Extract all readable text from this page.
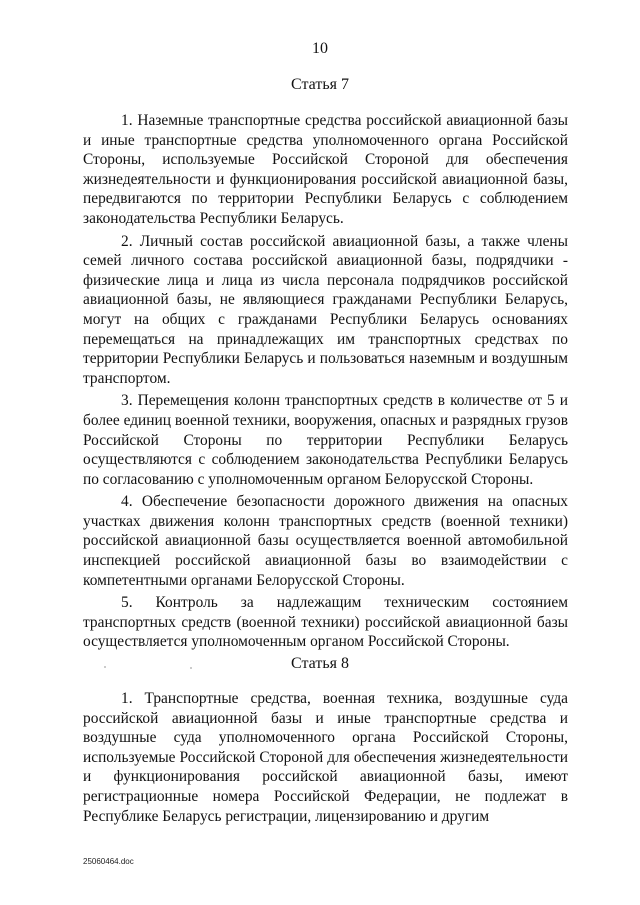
10
Статья 7

1. Наземные транспортные средства российской авиационной базы и иные транспортные средства уполномоченного органа Российской Стороны, используемые Российской Стороной для обеспечения жизнедеятельности и функционирования российской авиационной базы, передвигаются по территории Республики Беларусь с соблюдением законодательства Республики Беларусь.

2. Личный состав российской авиационной базы, а также члены семей личного состава российской авиационной базы, подрядчики - физические лица и лица из числа персонала подрядчиков российской авиационной базы, не являющиеся гражданами Республики Беларусь, могут на общих с гражданами Республики Беларусь основаниях перемещаться на принадлежащих им транспортных средствах по территории Республики Беларусь и пользоваться наземным и воздушным транспортом.

3. Перемещения колонн транспортных средств в количестве от 5 и более единиц военной техники, вооружения, опасных и разрядных грузов Российской Стороны по территории Республики Беларусь осуществляются с соблюдением законодательства Республики Беларусь по согласованию с уполномоченным органом Белорусской Стороны.

4. Обеспечение безопасности дорожного движения на опасных участках движения колонн транспортных средств (военной техники) российской авиационной базы осуществляется военной автомобильной инспекцией российской авиационной базы во взаимодействии с компетентными органами Белорусской Стороны.

5. Контроль за надлежащим техническим состоянием транспортных средств (военной техники) российской авиационной базы осуществляется уполномоченным органом Российской Стороны.

Статья 8

1. Транспортные средства, военная техника, воздушные суда российской авиационной базы и иные транспортные средства и воздушные суда уполномоченного органа Российской Стороны, используемые Российской Стороной для обеспечения жизнедеятельности и функционирования российской авиационной базы, имеют регистрационные номера Российской Федерации, не подлежат в Республике Беларусь регистрации, лицензированию и другим

25060464.doc
